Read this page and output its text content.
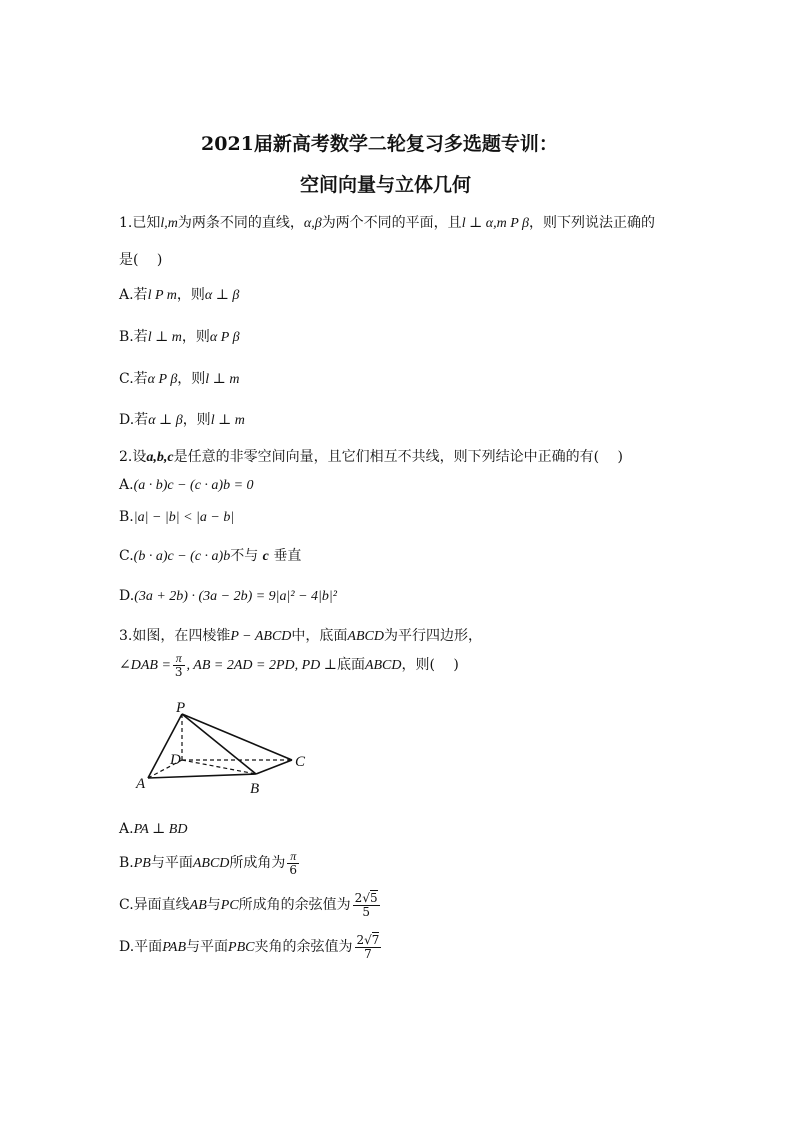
2021届新高考数学二轮复习多选题专训：
空间向量与立体几何
1.已知l,m为两条不同的直线，α,β为两个不同的平面，且l ⊥ α,m P β，则下列说法正确的
是(　 )
A.若l P m，则α ⊥ β
B.若l ⊥ m，则α P β
C.若α P β，则l ⊥ m
D.若α ⊥ β，则l ⊥ m
2.设a,b,c是任意的非零空间向量，且它们相互不共线，则下列结论中正确的有(　 )
A.(a · b)c − (c · a)b = 0
B.|a| − |b| < |a − b|
C.(b · a)c − (c · a)b不与 c 垂直
D.(3a + 2b) · (3a − 2b) = 9|a|² − 4|b|²
3.如图，在四棱锥P − ABCD中，底面ABCD为平行四边形，
∠DAB = $\frac{\pi}{3}$ , AB = 2AD = 2PD, PD ⊥底面ABCD，则(　 )
P
D	C
A	B
A.PA ⊥ BD
B.PB与平面ABCD所成角为 $\frac{\pi}{6}$
C.异面直线AB与PC所成角的余弦值为 $\frac{2√5}{5}$
D.平面PAB与平面PBC夹角的余弦值为 $\frac{2√7}{7}$
